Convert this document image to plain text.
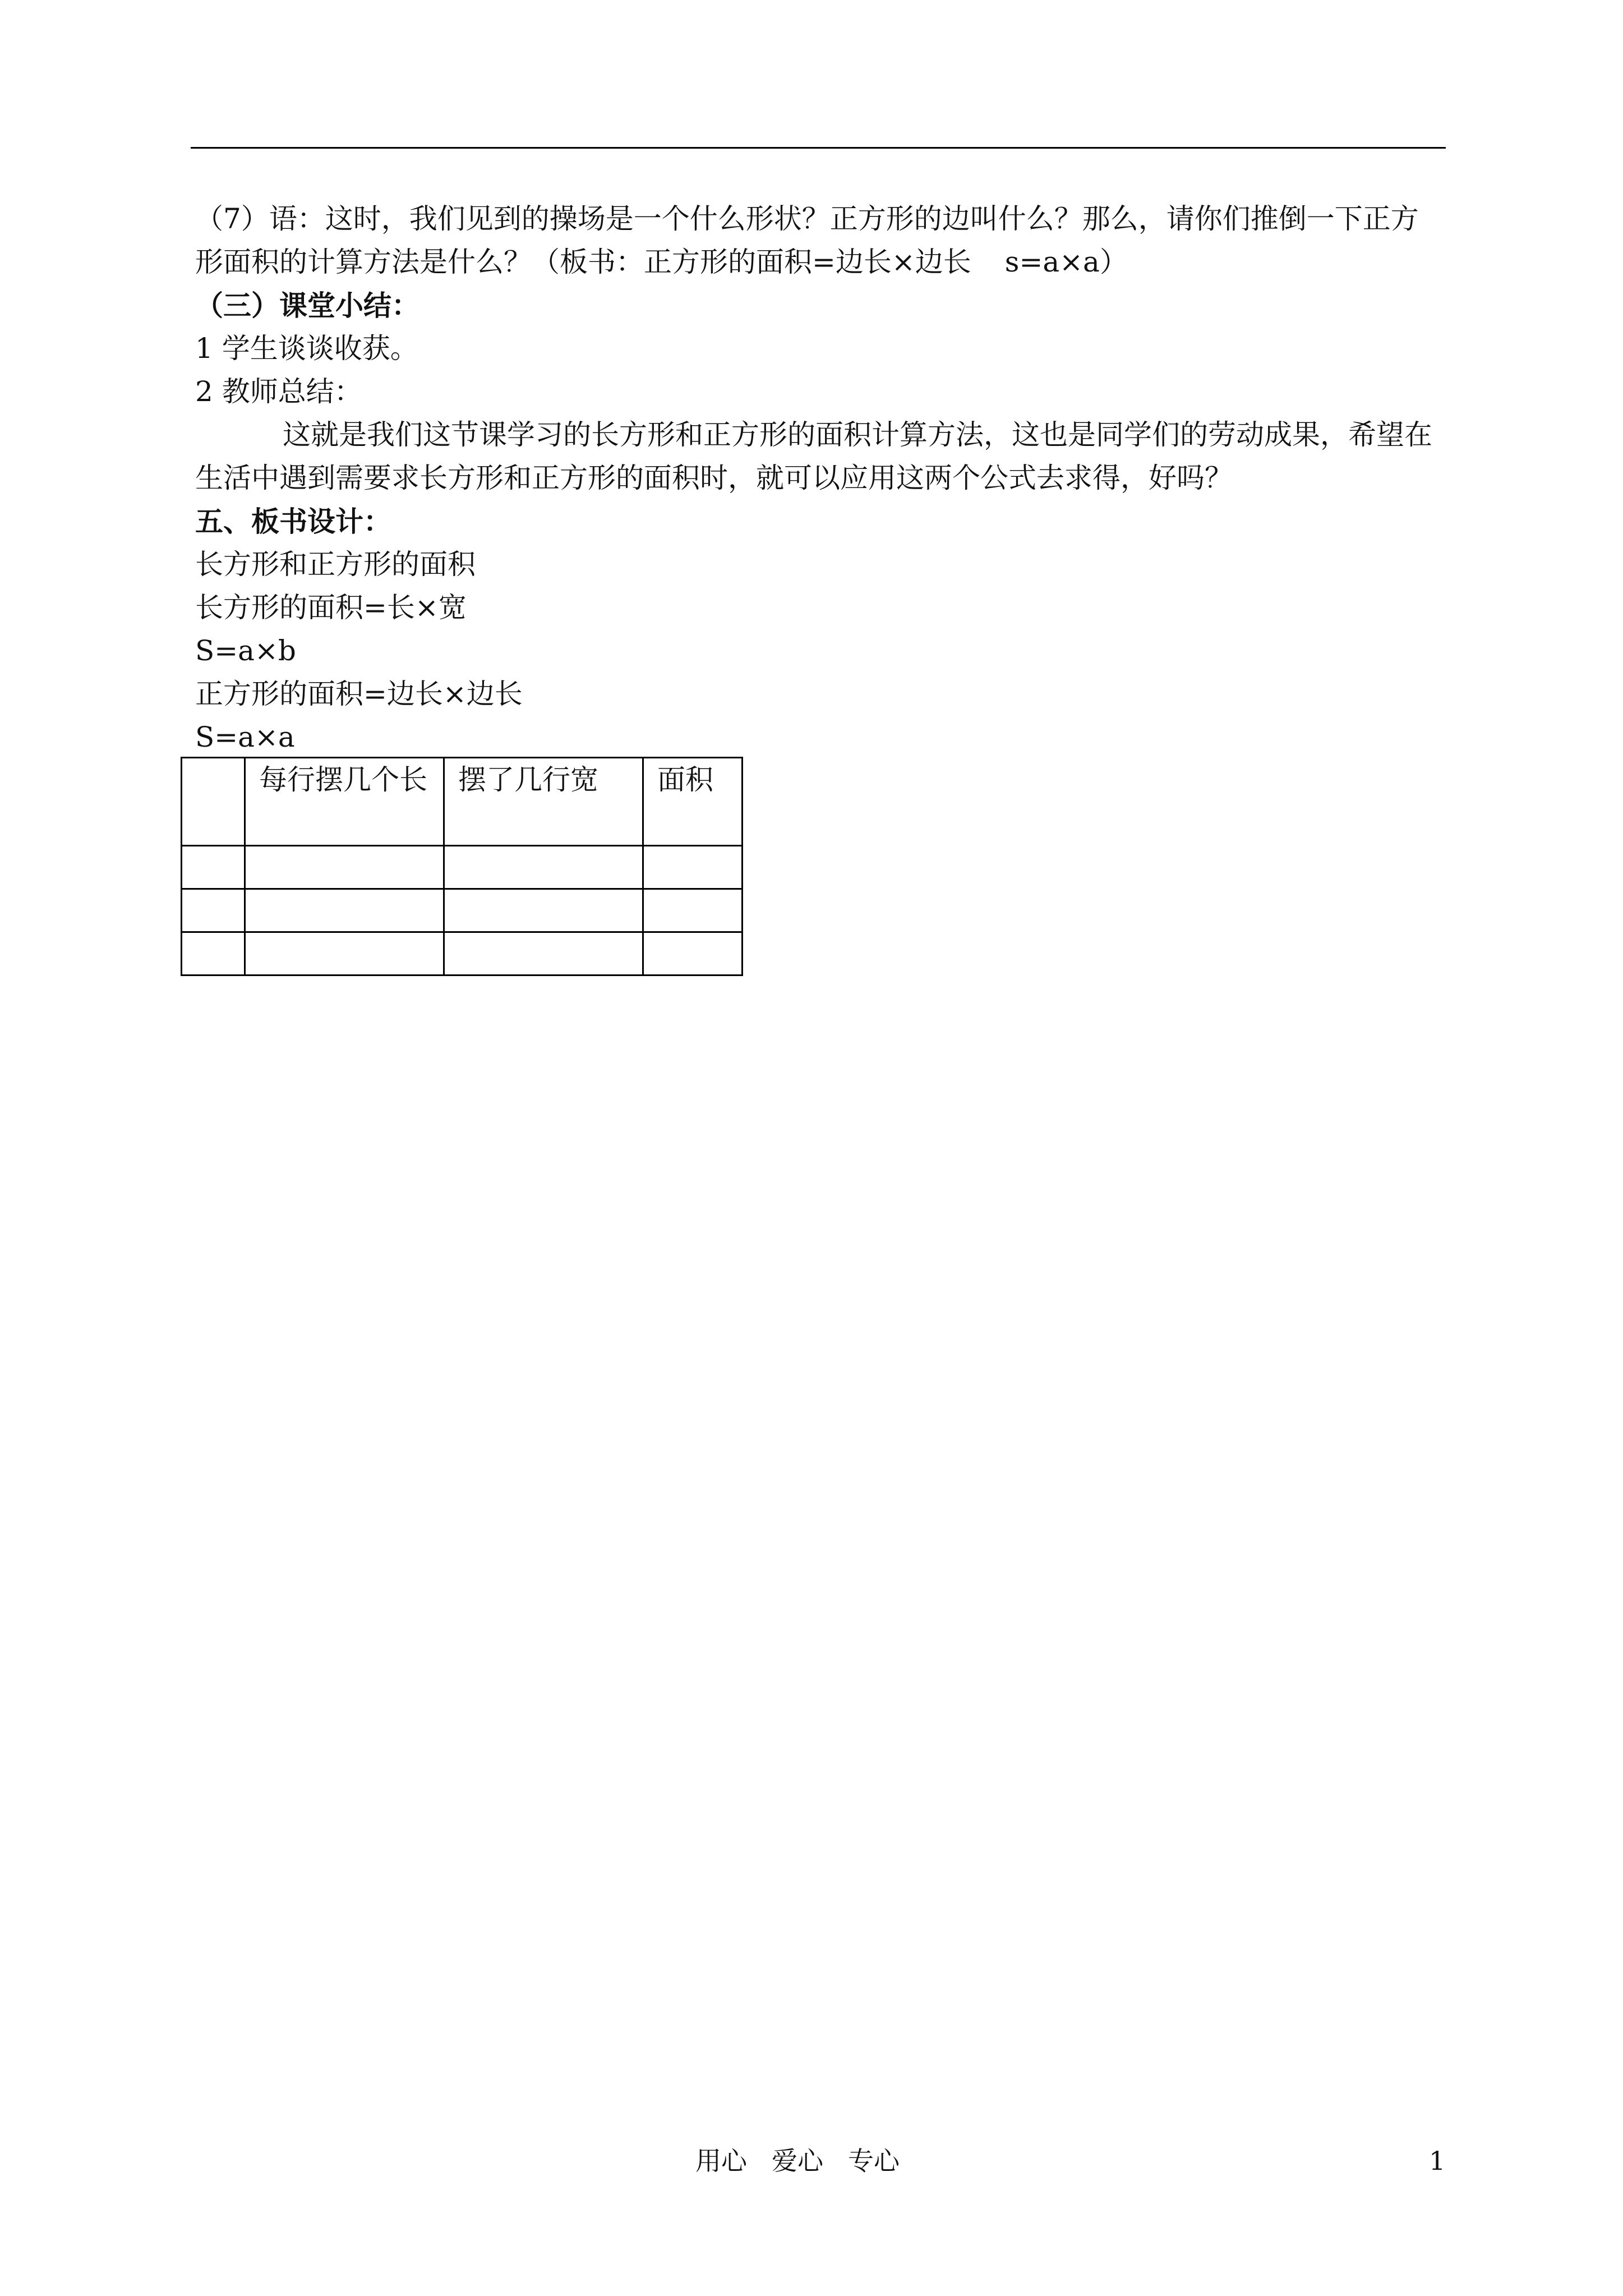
（7）语：这时，我们见到的操场是一个什么形状？正方形的边叫什么？那么，请你们推倒一下正方

形面积的计算方法是什么？（板书：正方形的面积=边长×边长 s=a×a）

（三）课堂小结：

1 学生谈谈收获。

2 教师总结：

这就是我们这节课学习的长方形和正方形的面积计算方法，这也是同学们的劳动成果，希望在生活中遇到需要求长方形和正方形的面积时，就可以应用这两个公式去求得，好吗？

五、板书设计：

长方形和正方形的面积

长方形的面积=长×宽

S=a×b

正方形的面积=边长×边长

S=a×a

	每行摆几个长	摆了几行宽	面积

用心 爱心 专心	1
